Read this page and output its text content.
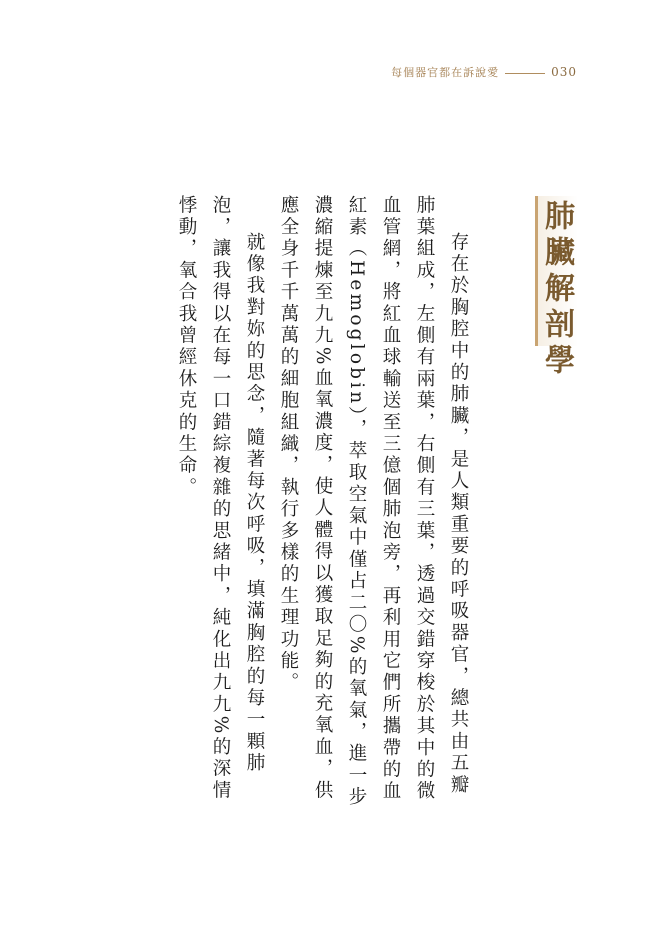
每個器官都在訴說愛	030
肺臟解剖學

存在於胸腔中的肺臟，是人類重要的呼吸器官，總共由五瓣肺葉組成，左側有兩葉，右側有三葉，透過交錯穿梭於其中的微血管網，將紅血球輸送至三億個肺泡旁，再利用它們所攜帶的血紅素（Hemoglobin），萃取空氣中僅占二〇%的氧氣，進一步濃縮提煉至九九%血氧濃度，使人體得以獲取足夠的充氧血，供應全身千千萬萬的細胞組織，執行多樣的生理功能。

就像我對妳的思念，隨著每次呼吸，填滿胸腔的每一顆肺泡，讓我得以在每一口錯綜複雜的思緒中，純化出九九%的深情悸動，氧合我曾經休克的生命。
